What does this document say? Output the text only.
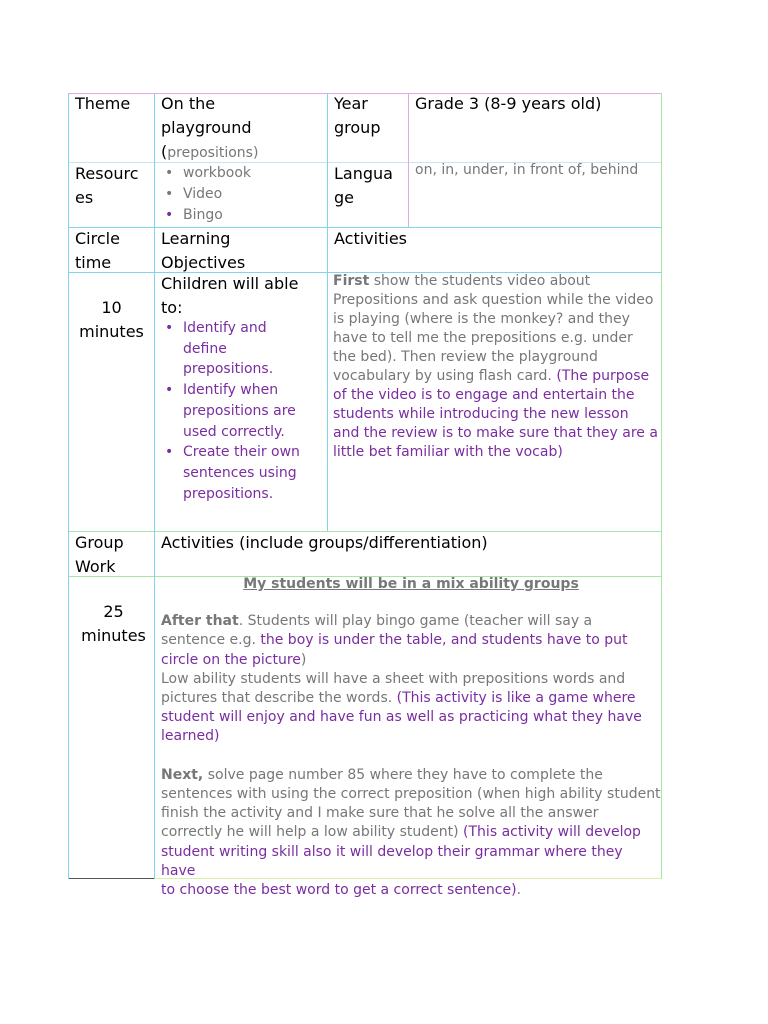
Theme	On the
playground
(prepositions)
Year
group
Grade 3 (8-9 years old)
Resourc
es
• workbook
• Video
• Bingo
Langua
ge
on, in, under, in front of, behind
Circle
time
Learning
Objectives
Activities
10
minutes
Children will able
to:
• Identify and
define
prepositions.
• Identify when
prepositions are
used correctly.
• Create their own
sentences using
prepositions.
First show the students video about
Prepositions and ask question while the video
is playing (where is the monkey? and they
have to tell me the prepositions e.g. under
the bed). Then review the playground
vocabulary by using flash card. (The purpose
of the video is to engage and entertain the
students while introducing the new lesson
and the review is to make sure that they are a
little bet familiar with the vocab)
Group
Work
Activities (include groups/differentiation)
25
minutes
My students will be in a mix ability groups
After that. Students will play bingo game (teacher will say a
sentence e.g. the boy is under the table, and students have to put
circle on the picture)
Low ability students will have a sheet with prepositions words and
pictures that describe the words. (This activity is like a game where
student will enjoy and have fun as well as practicing what they have
learned)
Next, solve page number 85 where they have to complete the
sentences with using the correct preposition (when high ability student
finish the activity and I make sure that he solve all the answer
correctly he will help a low ability student) (This activity will develop
student writing skill also it will develop their grammar where they have
to choose the best word to get a correct sentence).
